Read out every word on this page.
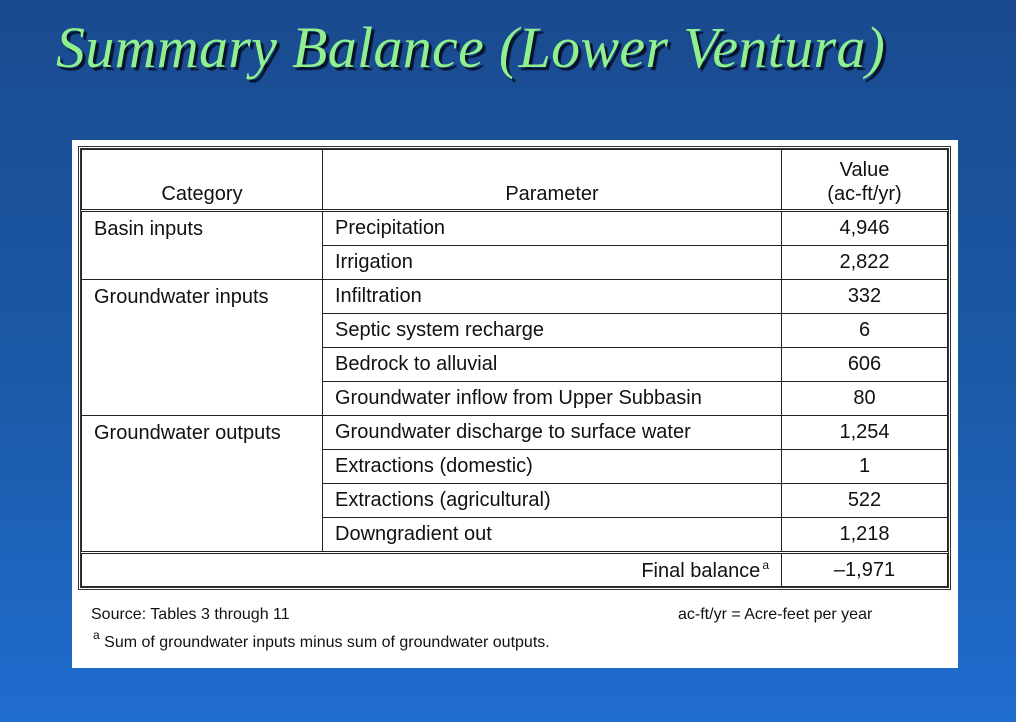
Summary Balance (Lower Ventura)
Category	Parameter	Value
(ac-ft/yr)
Basin inputs	Precipitation	4,946
	Irrigation	2,822
Groundwater inputs	Infiltration	332
	Septic system recharge	6
	Bedrock to alluvial	606
	Groundwater inflow from Upper Subbasin	80
Groundwater outputs	Groundwater discharge to surface water	1,254
	Extractions (domestic)	1
	Extractions (agricultural)	522
	Downgradient out	1,218
Final balance $^a$		–1,971
Source: Tables 3 through 11	ac-ft/yr = Acre-feet per year
$^a$ Sum of groundwater inputs minus sum of groundwater outputs.
